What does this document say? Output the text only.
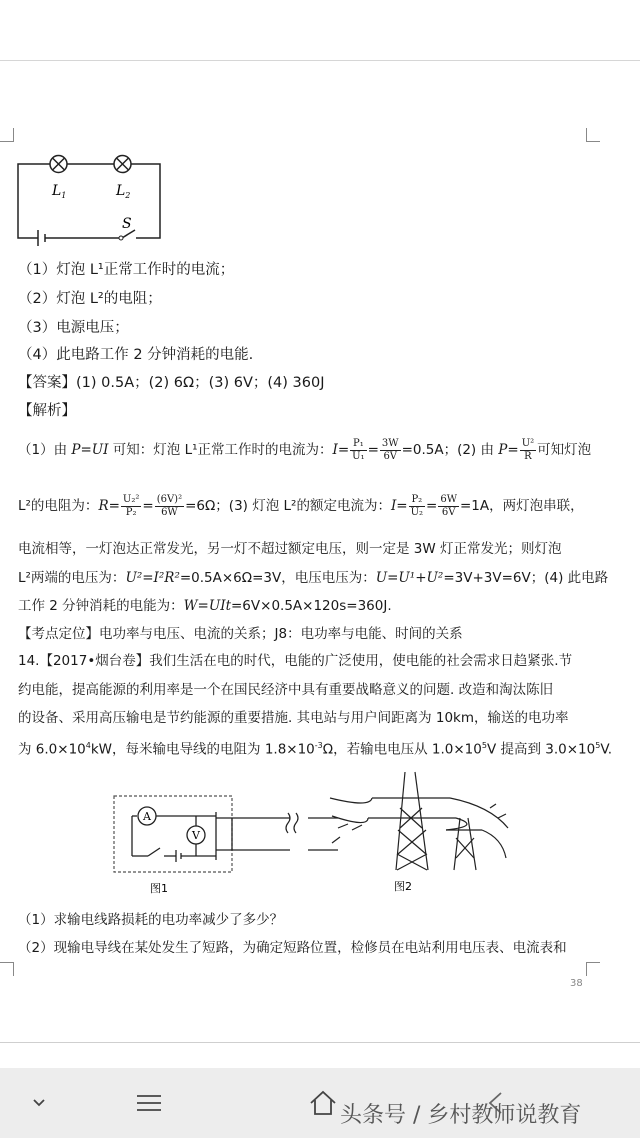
$L_1$	$L_2$
S
（1）灯泡 L¹正常工作时的电流；
（2）灯泡 L²的电阻；
（3）电源电压；
（4）此电路工作 2 分钟消耗的电能.
【答案】(1) 0.5A；(2) 6Ω；(3) 6V；(4) 360J
【解析】
（1）由 P=UI 可知：灯泡 L¹正常工作时的电流为：$I= \frac{\text{P₁}}{\text{U₁}} = \frac{3W}{6V} =0.5A$；(2) 由 $P= \frac{\text{U²}}{R}$ 可知灯泡
L²的电阻为：$R= \frac{\text{U₂²}}{\text{P₂}} = \frac{\text{(6V)²}}{6W} =6\Omega$；(3) 灯泡 L²的额定电流为：$I= \frac{\text{P₂}}{\text{U₂}} = \frac{6W}{6V} =1A$，两灯泡串联，
电流相等，一灯泡达正常发光，另一灯不超过额定电压，则一定是 3W 灯正常发光；则灯泡
L²两端的电压为：U²=I²R²=0.5A×6Ω=3V，电压电压为：U=U¹+U²=3V+3V=6V；(4) 此电路
工作 2 分钟消耗的电能为：W=UIt=6V×0.5A×120s=360J.
【考点定位】电功率与电压、电流的关系；J8：电功率与电能、时间的关系
14.【2017•烟台卷】我们生活在电的时代，电能的广泛使用，使电能的社会需求日趋紧张.节
约电能，提高能源的利用率是一个在国民经济中具有重要战略意义的问题. 改造和淘汰陈旧
的设备、采用高压输电是节约能源的重要措施. 其电站与用户间距离为 10km，输送的电功率
为 $6.0\times 10^4kW$，每米输电导线的电阻为 $1.8\times 10^{-3}\Omega$，若输电电压从 $1.0\times 10^5V$ 提高到 $3.0\times 10^5V$.
A
V
图1	图2
（1）求输电线路损耗的电功率减少了多少？
（2）现输电导线在某处发生了短路，为确定短路位置，检修员在电站利用电压表、电流表和
38
头条号 / 乡村教师说教育
